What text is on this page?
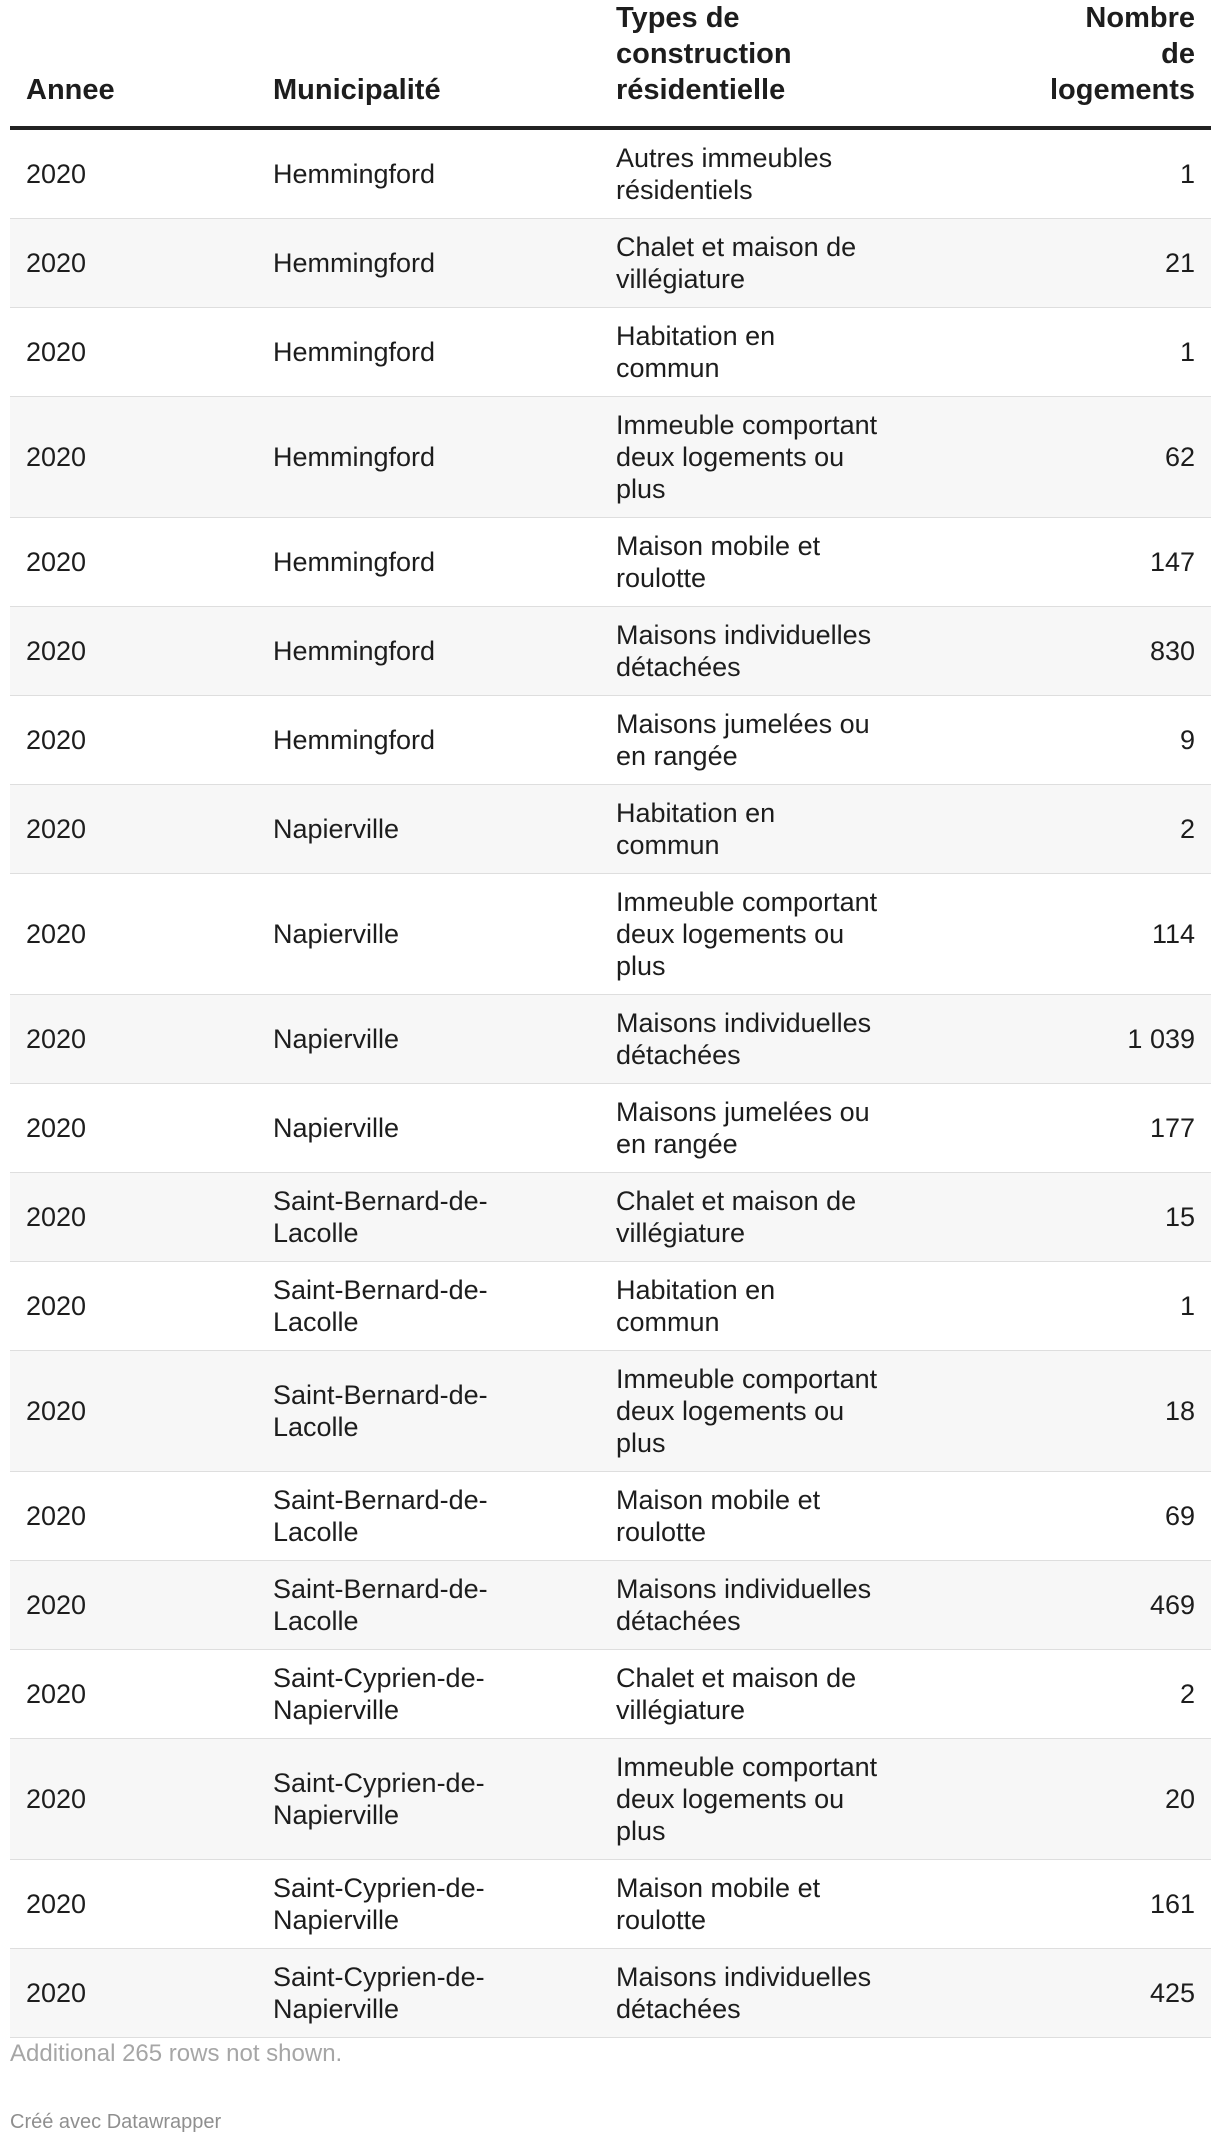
Annee	Municipalité	Types de construction résidentielle	Nombre de logements
2020	Hemmingford	Autres immeubles résidentiels	1
2020	Hemmingford	Chalet et maison de villégiature	21
2020	Hemmingford	Habitation en commun	1
2020	Hemmingford	Immeuble comportant deux logements ou plus	62
2020	Hemmingford	Maison mobile et roulotte	147
2020	Hemmingford	Maisons individuelles détachées	830
2020	Hemmingford	Maisons jumelées ou en rangée	9
2020	Napierville	Habitation en commun	2
2020	Napierville	Immeuble comportant deux logements ou plus	114
2020	Napierville	Maisons individuelles détachées	1 039
2020	Napierville	Maisons jumelées ou en rangée	177
2020	Saint-Bernard-de-Lacolle	Chalet et maison de villégiature	15
2020	Saint-Bernard-de-Lacolle	Habitation en commun	1
2020	Saint-Bernard-de-Lacolle	Immeuble comportant deux logements ou plus	18
2020	Saint-Bernard-de-Lacolle	Maison mobile et roulotte	69
2020	Saint-Bernard-de-Lacolle	Maisons individuelles détachées	469
2020	Saint-Cyprien-de-Napierville	Chalet et maison de villégiature	2
2020	Saint-Cyprien-de-Napierville	Immeuble comportant deux logements ou plus	20
2020	Saint-Cyprien-de-Napierville	Maison mobile et roulotte	161
2020	Saint-Cyprien-de-Napierville	Maisons individuelles détachées	425
Additional 265 rows not shown.
Créé avec Datawrapper
